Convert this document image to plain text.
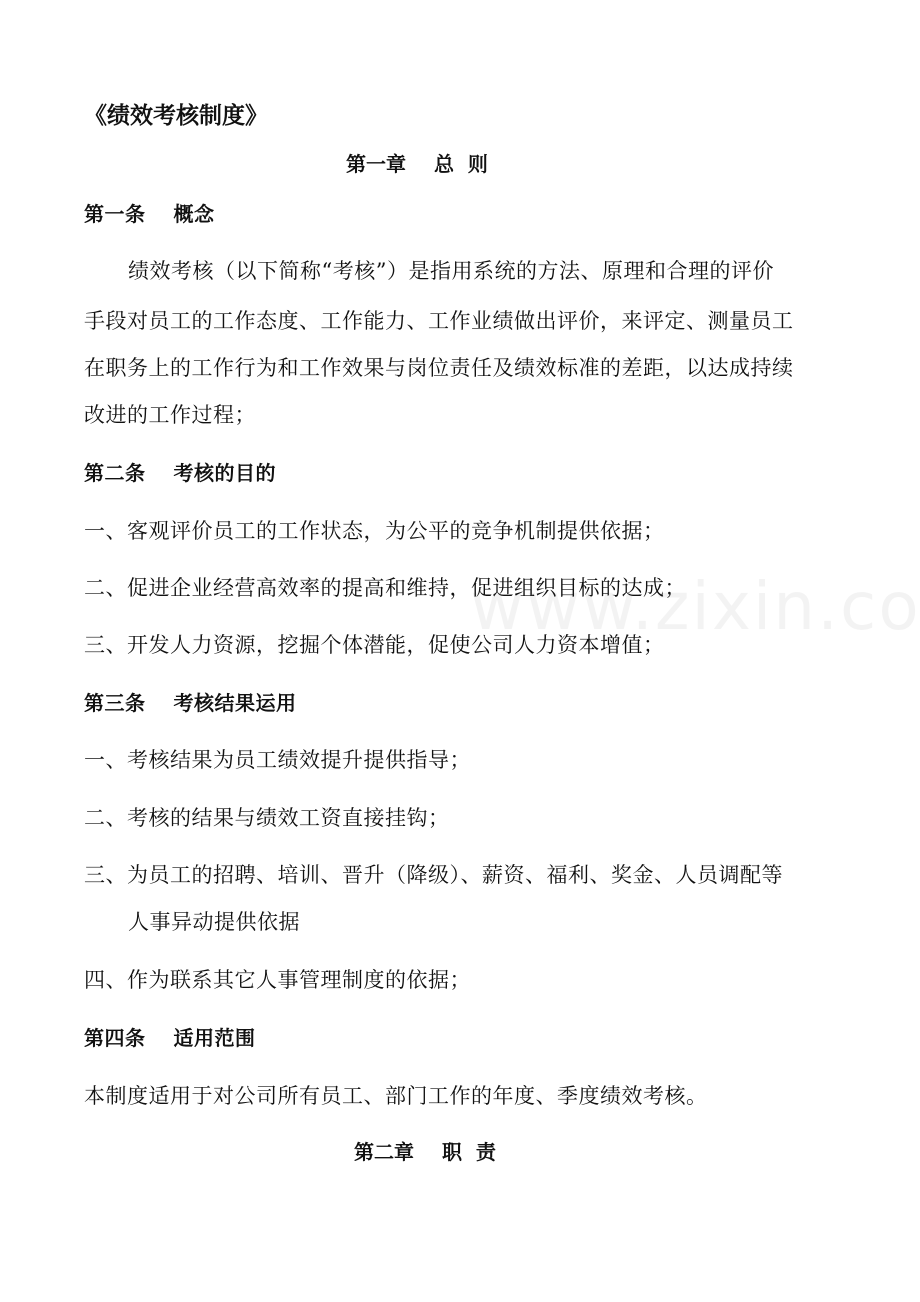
《绩效考核制度》
第一章 总  则
第一条 概念
绩效考核（以下简称“考核”）是指用系统的方法、原理和合理的评价
手段对员工的工作态度、工作能力、工作业绩做出评价，来评定、测量员工
在职务上的工作行为和工作效果与岗位责任及绩效标准的差距，以达成持续
改进的工作过程；
第二条 考核的目的
一、客观评价员工的工作状态，为公平的竞争机制提供依据；
二、促进企业经营高效率的提高和维持，促进组织目标的达成；
三、开发人力资源，挖掘个体潜能，促使公司人力资本增值；
第三条 考核结果运用
一、考核结果为员工绩效提升提供指导；
二、考核的结果与绩效工资直接挂钩；
三、为员工的招聘、培训、晋升（降级）、薪资、福利、奖金、人员调配等
人事异动提供依据
四、作为联系其它人事管理制度的依据；
第四条 适用范围
本制度适用于对公司所有员工、部门工作的年度、季度绩效考核。
第二章 职  责
